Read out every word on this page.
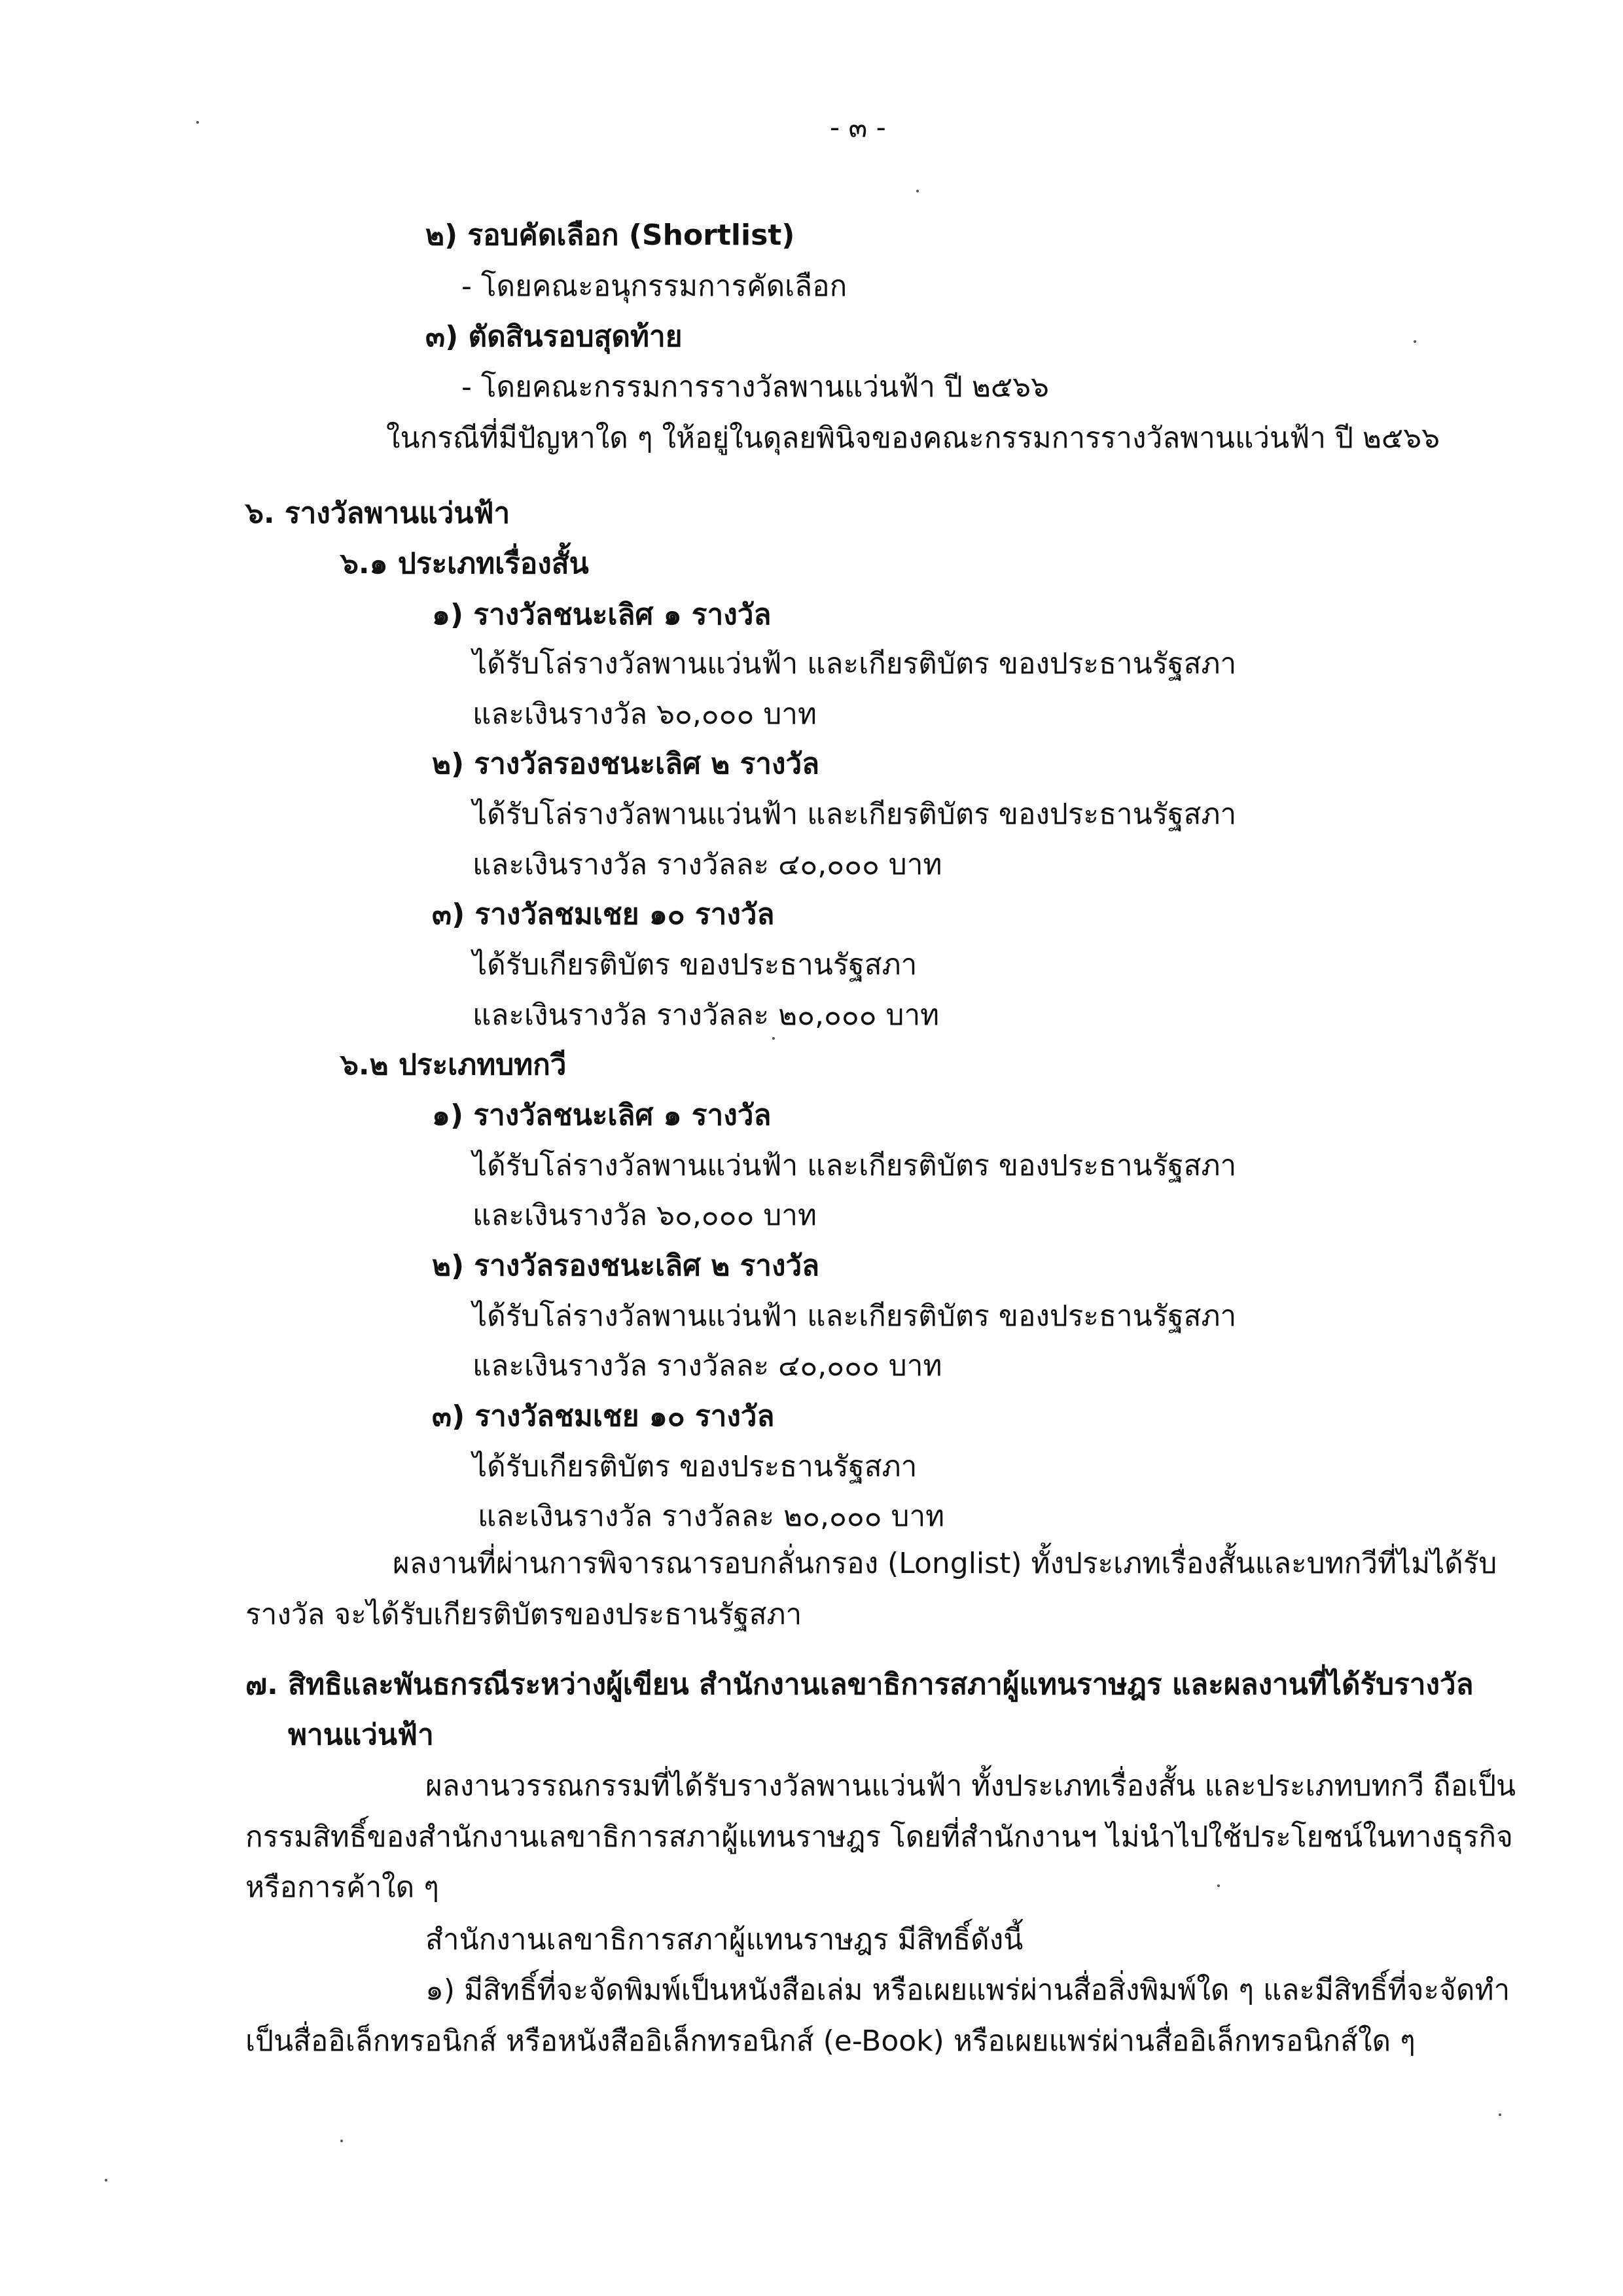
- ๓ -
๒) รอบคัดเลือก (Shortlist)
- โดยคณะอนุกรรมการคัดเลือก
๓) ตัดสินรอบสุดท้าย
- โดยคณะกรรมการรางวัลพานแว่นฟ้า ปี ๒๕๖๖
ในกรณีที่มีปัญหาใด ๆ ให้อยู่ในดุลยพินิจของคณะกรรมการรางวัลพานแว่นฟ้า ปี ๒๕๖๖
๖. รางวัลพานแว่นฟ้า
๖.๑ ประเภทเรื่องสั้น
๑) รางวัลชนะเลิศ ๑ รางวัล
ได้รับโล่รางวัลพานแว่นฟ้า และเกียรติบัตร ของประธานรัฐสภา
และเงินรางวัล ๖๐,๐๐๐ บาท
๒) รางวัลรองชนะเลิศ ๒ รางวัล
ได้รับโล่รางวัลพานแว่นฟ้า และเกียรติบัตร ของประธานรัฐสภา
และเงินรางวัล รางวัลละ ๔๐,๐๐๐ บาท
๓) รางวัลชมเชย ๑๐ รางวัล
ได้รับเกียรติบัตร ของประธานรัฐสภา
และเงินรางวัล รางวัลละ ๒๐,๐๐๐ บาท
๖.๒ ประเภทบทกวี
๑) รางวัลชนะเลิศ ๑ รางวัล
ได้รับโล่รางวัลพานแว่นฟ้า และเกียรติบัตร ของประธานรัฐสภา
และเงินรางวัล ๖๐,๐๐๐ บาท
๒) รางวัลรองชนะเลิศ ๒ รางวัล
ได้รับโล่รางวัลพานแว่นฟ้า และเกียรติบัตร ของประธานรัฐสภา
และเงินรางวัล รางวัลละ ๔๐,๐๐๐ บาท
๓) รางวัลชมเชย ๑๐ รางวัล
ได้รับเกียรติบัตร ของประธานรัฐสภา
และเงินรางวัล รางวัลละ ๒๐,๐๐๐ บาท
ผลงานที่ผ่านการพิจารณารอบกลั่นกรอง (Longlist) ทั้งประเภทเรื่องสั้นและบทกวีที่ไม่ได้รับ
รางวัล จะได้รับเกียรติบัตรของประธานรัฐสภา
๗. สิทธิและพันธกรณีระหว่างผู้เขียน สำนักงานเลขาธิการสภาผู้แทนราษฎร และผลงานที่ได้รับรางวัล
พานแว่นฟ้า
ผลงานวรรณกรรมที่ได้รับรางวัลพานแว่นฟ้า ทั้งประเภทเรื่องสั้น และประเภทบทกวี ถือเป็น
กรรมสิทธิ์ของสำนักงานเลขาธิการสภาผู้แทนราษฎร โดยที่สำนักงานฯ ไม่นำไปใช้ประโยชน์ในทางธุรกิจ
หรือการค้าใด ๆ
สำนักงานเลขาธิการสภาผู้แทนราษฎร มีสิทธิ์ดังนี้
๑) มีสิทธิ์ที่จะจัดพิมพ์เป็นหนังสือเล่ม หรือเผยแพร่ผ่านสื่อสิ่งพิมพ์ใด ๆ และมีสิทธิ์ที่จะจัดทำ
เป็นสื่ออิเล็กทรอนิกส์ หรือหนังสืออิเล็กทรอนิกส์ (e-Book) หรือเผยแพร่ผ่านสื่ออิเล็กทรอนิกส์ใด ๆ
